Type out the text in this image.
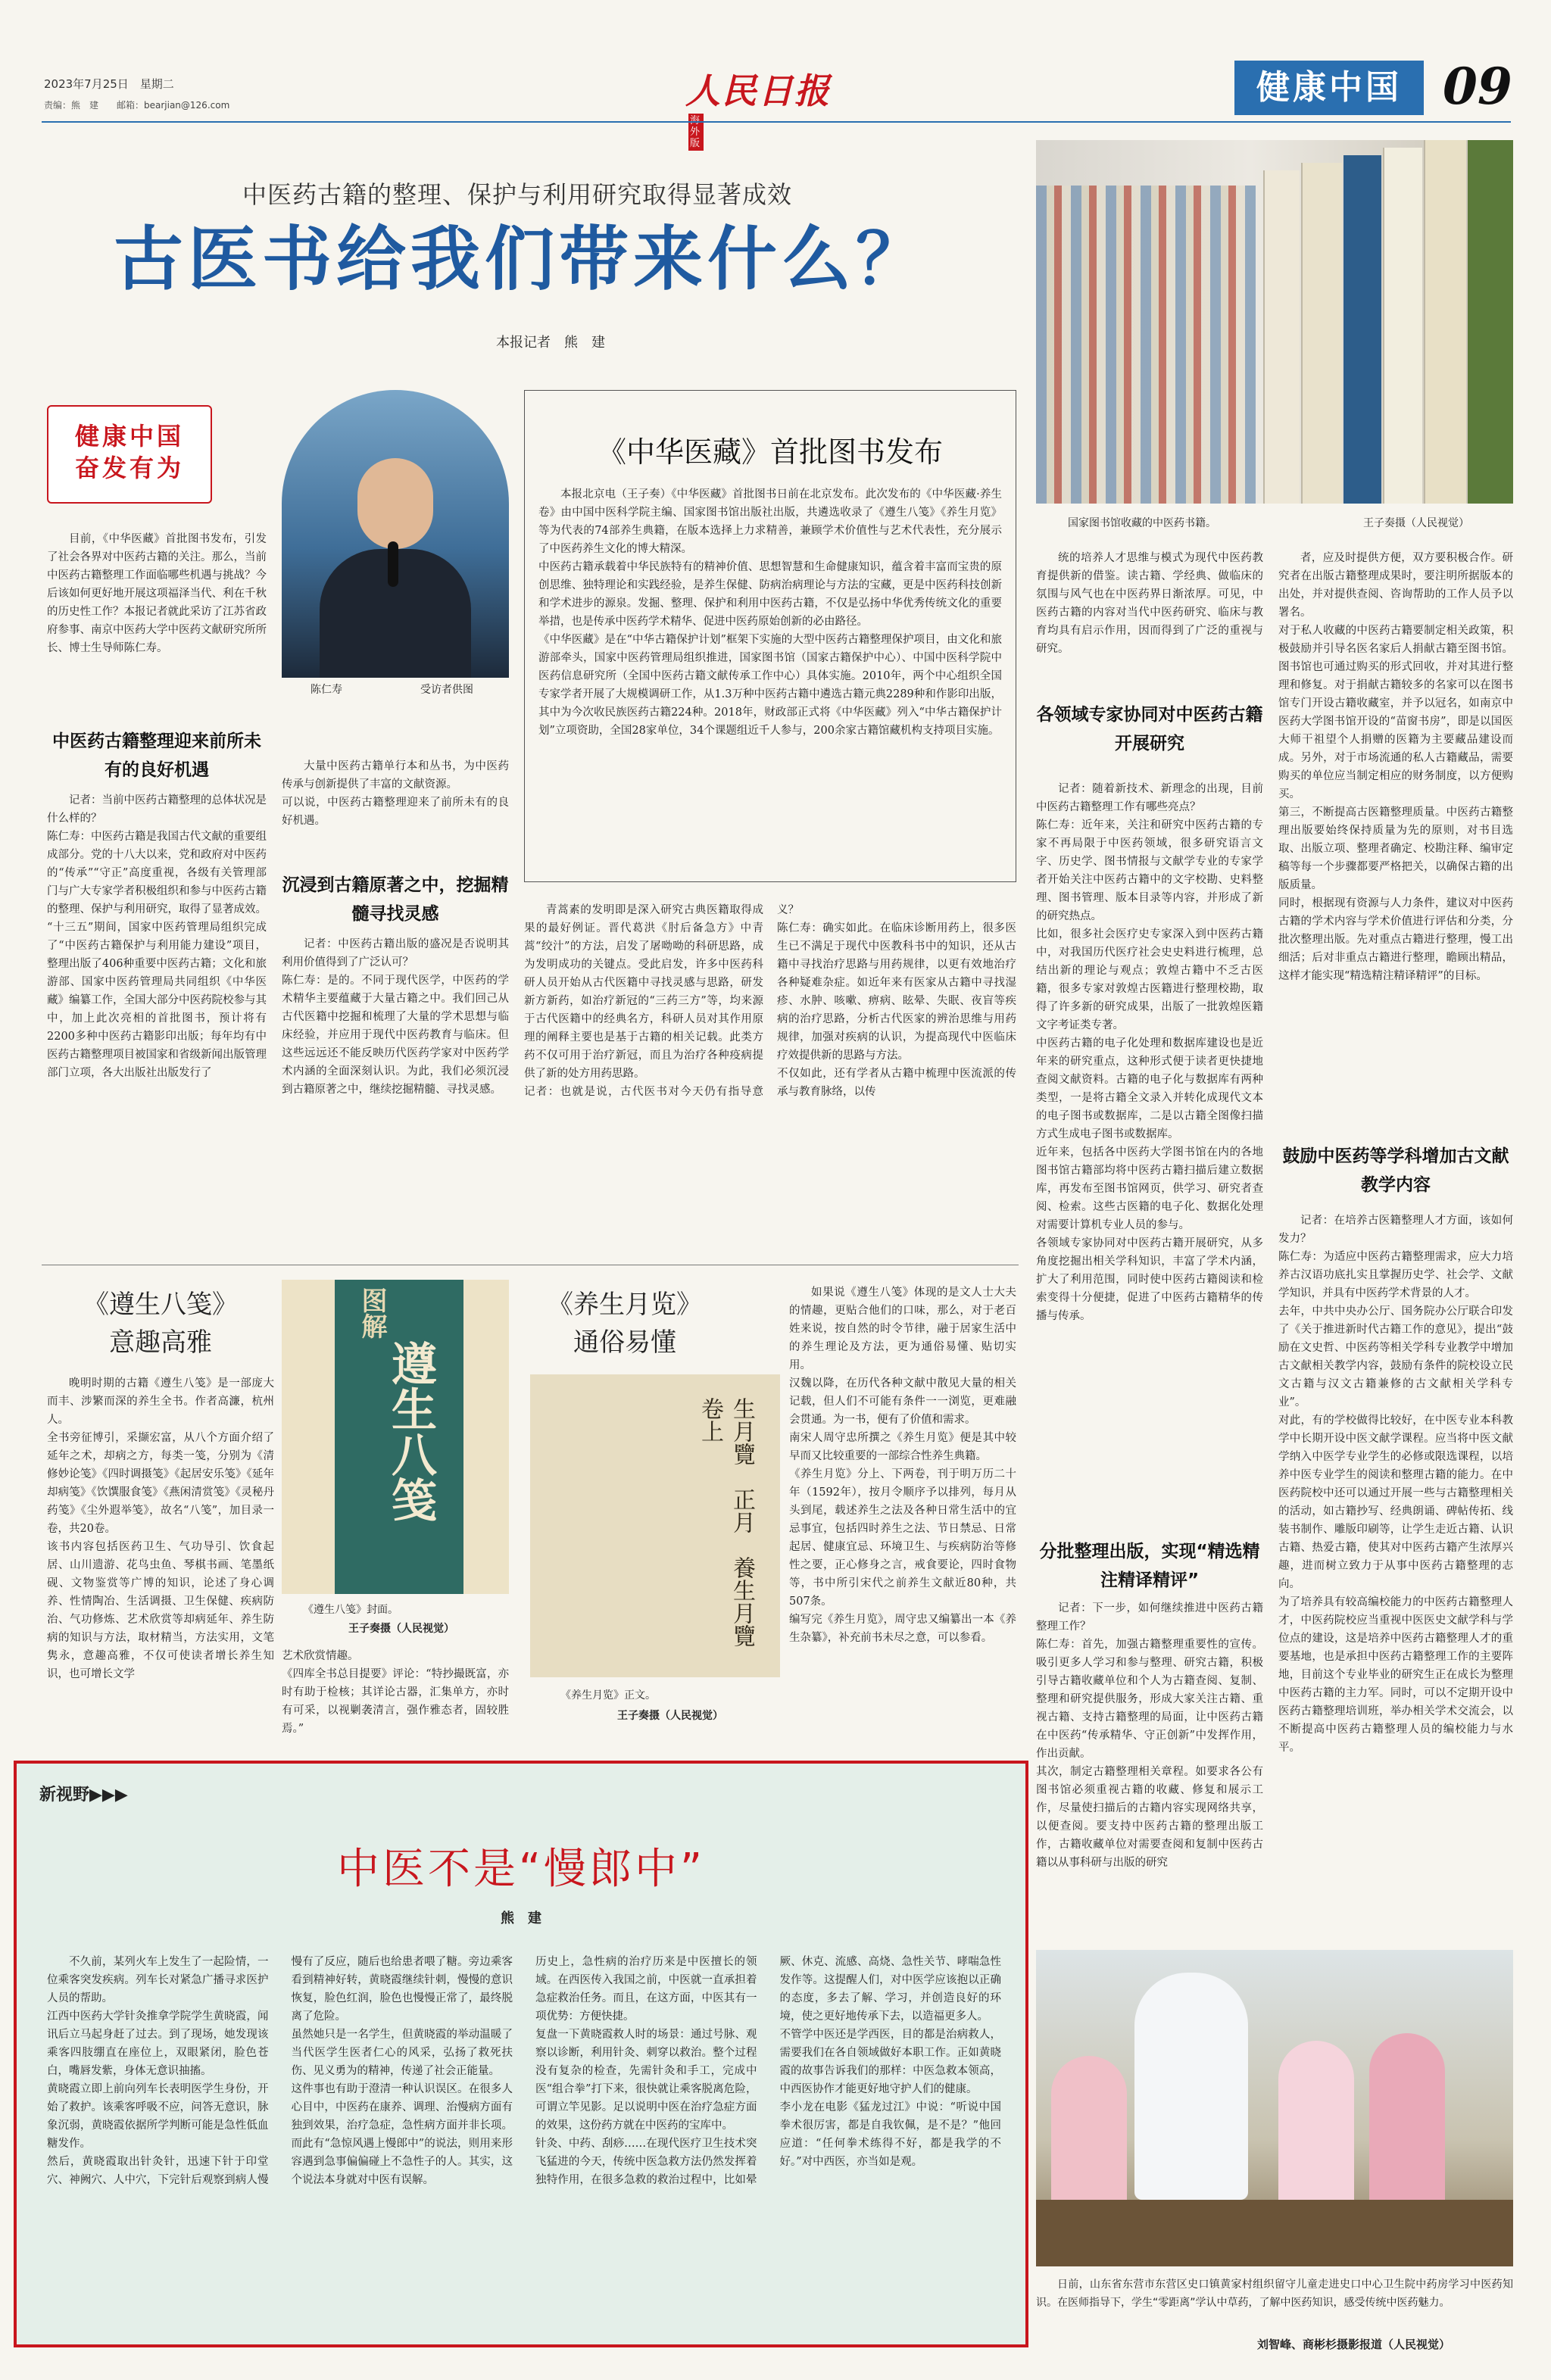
2023年7月25日　星期二
责编：熊　建　　邮箱：bearjian@126.com	人民日报 外版
健康中国 09
中医药古籍的整理、保护与利用研究取得显著成效
古医书给我们带来什么？
本报记者　熊　建
健康中国
奋发有为
目前，《中华医藏》首批图书发布，引发了社会各界对中医药古籍的关注。那么，当前中医药古籍整理工作面临哪些机遇与挑战？今后该如何更好地开展这项福泽当代、利在千秋的历史性工作？本报记者就此采访了江苏省政府参事、南京中医药大学中医药文献研究所所长、博士生导师陈仁寿。
陈仁寿	受访者供图
中医药古籍整理迎来前所未有的良好机遇
记者：当前中医药古籍整理的总体状况是什么样的？
陈仁寿：中医药古籍是我国古代文献的重要组成部分。党的十八大以来，党和政府对中医药的“传承”“守正”高度重视，各级有关管理部门与广大专家学者积极组织和参与中医药古籍的整理、保护与利用研究，取得了显著成效。
“十三五”期间，国家中医药管理局组织完成了“中医药古籍保护与利用能力建设”项目，整理出版了406种重要中医药古籍；文化和旅游部、国家中医药管理局共同组织《中华医藏》编纂工作，全国大部分中医药院校参与其中，加上此次亮相的首批图书，预计将有2200多种中医药古籍影印出版；每年均有中医药古籍整理项目被国家和省级新闻出版管理部门立项，各大出版社出版发行了
大量中医药古籍单行本和丛书，为中医药传承与创新提供了丰富的文献资源。
可以说，中医药古籍整理迎来了前所未有的良好机遇。
沉浸到古籍原著之中，挖掘精髓寻找灵感
记者：中医药古籍出版的盛况是否说明其利用价值得到了广泛认可？
陈仁寿：是的。不同于现代医学，中医药的学术精华主要蕴藏于大量古籍之中。我们回己从古代医籍中挖掘和梳理了大量的学术思想与临床经验，并应用于现代中医药教育与临床。但这些远远还不能反映历代医药学家对中医药学术内涵的全面深刻认识。为此，我们必须沉浸到古籍原著之中，继续挖掘精髓、寻找灵感。
《中华医藏》首批图书发布
本报北京电（王子奏）《中华医藏》首批图书日前在北京发布。此次发布的《中华医藏·养生卷》由中国中医科学院主编、国家图书馆出版社出版，共遴选收录了《遵生八笺》《养生月览》等为代表的74部养生典籍，在版本选择上力求精善，兼顾学术价值性与艺术代表性，充分展示了中医药养生文化的博大精深。
中医药古籍承载着中华民族特有的精神价值、思想智慧和生命健康知识，蕴含着丰富而宝贵的原创思维、独特理论和实践经验，是养生保健、防病治病理论与方法的宝藏，更是中医药科技创新和学术进步的源泉。发掘、整理、保护和利用中医药古籍，不仅是弘扬中华优秀传统文化的重要举措，也是传承中医药学术精华、促进中医药原始创新的必由路径。
《中华医藏》是在“中华古籍保护计划”框架下实施的大型中医药古籍整理保护项目，由文化和旅游部牵头，国家中医药管理局组织推进，国家图书馆（国家古籍保护中心）、中国中医科学院中医药信息研究所（全国中医药古籍文献传承工作中心）具体实施。2010年，两个中心组织全国专家学者开展了大规模调研工作，从1.3万种中医药古籍中遴选古籍元典2289种和作影印出版，其中为今次收民族医药古籍224种。2018年，财政部正式将《中华医藏》列入“中华古籍保护计划”立项资助，全国28家单位，34个课题组近千人参与，200余家古籍馆藏机构支持项目实施。
青蒿素的发明即是深入研究古典医籍取得成果的最好例证。晋代葛洪《肘后备急方》中青蒿“绞汁”的方法，启发了屠呦呦的科研思路，成为发明成功的关键点。受此启发，许多中医药科研人员开始从古代医籍中寻找灵感与思路，研发新方新药，如治疗新冠的“三药三方”等，均来源于古代医籍中的经典名方，科研人员对其作用原理的阐释主要也是基于古籍的相关记载。此类方药不仅可用于治疗新冠，而且为治疗各种疫病提供了新的处方用药思路。
记者：也就是说，古代医书对今天仍有指导意义？
陈仁寿：确实如此。在临床诊断用药上，很多医生已不满足于现代中医教科书中的知识，还从古籍中寻找治疗思路与用药规律，以更有效地治疗各种疑难杂症。如近年来有医家从古籍中寻找湿疹、水肿、咳嗽、痹病、眩晕、失眠、夜盲等疾病的治疗思路，分析古代医家的辨治思维与用药规律，加强对疾病的认识，为提高现代中医临床疗效提供新的思路与方法。
不仅如此，还有学者从古籍中梳理中医流派的传承与教育脉络，以传
国家图书馆收藏的中医药书籍。	王子奏摄（人民视觉）
统的培养人才思维与模式为现代中医药教育提供新的借鉴。读古籍、学经典、做临床的氛围与风气也在中医药界日渐浓厚。可见，中医药古籍的内容对当代中医药研究、临床与教育均具有启示作用，因而得到了广泛的重视与研究。
各领域专家协同对中医药古籍开展研究
记者：随着新技术、新理念的出现，目前中医药古籍整理工作有哪些亮点？
陈仁寿：近年来，关注和研究中医药古籍的专家不再局限于中医药领域，很多研究语言文字、历史学、图书情报与文献学专业的专家学者开始关注中医药古籍中的文字校勘、史料整理、图书管理、版本目录等内容，并形成了新的研究热点。
比如，很多社会医疗史专家深入到中医药古籍中，对我国历代医疗社会史史料进行梳理，总结出新的理论与观点；敦煌古籍中不乏古医籍，很多专家对敦煌古医籍进行整理校勘，取得了许多新的研究成果，出版了一批敦煌医籍文字考证类专著。
中医药古籍的电子化处理和数据库建设也是近年来的研究重点，这种形式便于读者更快捷地查阅文献资料。古籍的电子化与数据库有两种类型，一是将古籍全文录入并转化成现代文本的电子图书或数据库，二是以古籍全图像扫描方式生成电子图书或数据库。
近年来，包括各中医药大学图书馆在内的各地图书馆古籍部均将中医药古籍扫描后建立数据库，再发布至图书馆网页，供学习、研究者查阅、检索。这些古医籍的电子化、数据化处理对需要计算机专业人员的参与。
各领域专家协同对中医药古籍开展研究，从多角度挖掘出相关学科知识，丰富了学术内涵，扩大了利用范围，同时使中医药古籍阅读和检索变得十分便捷，促进了中医药古籍精华的传播与传承。
分批整理出版，实现“精选精注精译精评”
记者：下一步，如何继续推进中医药古籍整理工作？
陈仁寿：首先，加强古籍整理重要性的宣传。吸引更多人学习和参与整理、研究古籍，积极引导古籍收藏单位和个人为古籍查阅、复制、整理和研究提供服务，形成大家关注古籍、重视古籍、支持古籍整理的局面，让中医药古籍在中医药“传承精华、守正创新”中发挥作用，作出贡献。
其次，制定古籍整理相关章程。如要求各公有图书馆必须重视古籍的收藏、修复和展示工作，尽量使扫描后的古籍内容实现网络共享，以便查阅。要支持中医药古籍的整理出版工作，古籍收藏单位对需要查阅和复制中医药古籍以从事科研与出版的研究
者，应及时提供方便，双方要积极合作。研究者在出版古籍整理成果时，要注明所据版本的出处，并对提供查阅、咨询帮助的工作人员予以署名。
对于私人收藏的中医药古籍要制定相关政策，积极鼓励并引导名医名家后人捐献古籍至图书馆。图书馆也可通过购买的形式回收，并对其进行整理和修复。对于捐献古籍较多的名家可以在图书馆专门开设古籍收藏室，并予以冠名，如南京中医药大学图书馆开设的“苗窗书房”，即是以国医大师干祖望个人捐赠的医籍为主要藏品建设而成。另外，对于市场流通的私人古籍藏品，需要购买的单位应当制定相应的财务制度，以方便购买。
第三，不断提高古医籍整理质量。中医药古籍整理出版要始终保持质量为先的原则，对书目选取、出版立项、整理者确定、校勘注释、编审定稿等每一个步骤都要严格把关，以确保古籍的出版质量。
同时，根据现有资源与人力条件，建议对中医药古籍的学术内容与学术价值进行评估和分类，分批次整理出版。先对重点古籍进行整理，慢工出细活；后对非重点古籍进行整理，瞻顾出精品，这样才能实现“精选精注精译精评”的目标。
鼓励中医药等学科增加古文献教学内容
记者：在培养古医籍整理人才方面，该如何发力？
陈仁寿：为适应中医药古籍整理需求，应大力培养古汉语功底扎实且掌握历史学、社会学、文献学知识，并具有中医药学术背景的人才。
去年，中共中央办公厅、国务院办公厅联合印发了《关于推进新时代古籍工作的意见》，提出“鼓励在文史哲、中医药等相关学科专业教学中增加古文献相关教学内容，鼓励有条件的院校设立民文古籍与汉文古籍兼修的古文献相关学科专业”。
对此，有的学校做得比较好，在中医专业本科教学中长期开设中医文献学课程。应当将中医文献学纳入中医学专业学生的必修或限选课程，以培养中医专业学生的阅读和整理古籍的能力。在中医药院校中还可以通过开展一些与古籍整理相关的活动，如古籍抄写、经典朗诵、碑帖传拓、线装书制作、雕版印刷等，让学生走近古籍、认识古籍、热爱古籍，使其对中医药古籍产生浓厚兴趣，进而树立致力于从事中医药古籍整理的志向。
为了培养具有较高编校能力的中医药古籍整理人才，中医药院校应当重视中医医史文献学科与学位点的建设，这是培养中医药古籍整理人才的重要基地，也是承担中医药古籍整理工作的主要阵地，目前这个专业毕业的研究生正在成长为整理中医药古籍的主力军。同时，可以不定期开设中医药古籍整理培训班，举办相关学术交流会，以不断提高中医药古籍整理人员的编校能力与水平。
《遵生八笺》
意趣高雅
晚明时期的古籍《遵生八笺》是一部庞大而丰、涉繁而深的养生全书。作者高濂，杭州人。
全书旁征博引，采撷宏富，从八个方面介绍了延年之术，却病之方，每类一笺，分别为《清修妙论笺》《四时调摄笺》《起居安乐笺》《延年却病笺》《饮馔服食笺》《燕闲清赏笺》《灵秘丹药笺》《尘外遐举笺》，故名“八笺”，加目录一卷，共20卷。
该书内容包括医药卫生、气功导引、饮食起居、山川遗游、花鸟虫鱼、琴棋书画、笔墨纸砚、文物鉴赏等广博的知识，论述了身心调养、性情陶冶、生活调摄、卫生保健、疾病防治、气功修炼、艺术欣赏等却病延年、养生防病的知识与方法，取材精当，方法实用，文笔隽永，意趣高雅，不仅可使读者增长养生知识，也可增长文学
图解
遵生八笺
《遵生八笺》封面。
王子奏摄（人民视觉）
艺术欣赏情趣。
《四库全书总目提要》评论：“特抄撮既富，亦时有助于检核；其详论古器，汇集单方，亦时有可采，以视剿袭清言，强作雅态者，固较胜焉。”
《养生月览》
通俗易懂
生月覽　正月　養生月覽卷上
《养生月览》正文。
王子奏摄（人民视觉）
如果说《遵生八笺》体现的是文人士大夫的情趣，更贴合他们的口味，那么，对于老百姓来说，按自然的时令节律，融于居家生活中的养生理论及方法，更为通俗易懂、贴切实用。
汉魏以降，在历代各种文献中散见大量的相关记载，但人们不可能有条件一一浏览，更难融会贯通。为一书，便有了价值和需求。
南宋人周守忠所撰之《养生月览》便是其中较早而又比较重要的一部综合性养生典籍。
《养生月览》分上、下两卷，刊于明万历二十年（1592年），按月令顺序予以排列，每月从头到尾，载述养生之法及各种日常生活中的宜忌事宜，包括四时养生之法、节日禁忌、日常起居、健康宜忌、环境卫生、与疾病防治等修性之要，正心修身之言，戒食要论，四时食物等，书中所引宋代之前养生文献近80种，共507条。
编写完《养生月览》，周守忠又编纂出一本《养生杂纂》，补充前书未尽之意，可以参看。
新视野▶▶▶
中医不是“慢郎中”
熊　建
不久前，某列火车上发生了一起险情，一位乘客突发疾病。列车长对紧急广播寻求医护人员的帮助。
江西中医药大学针灸推拿学院学生黄晓霞，闻讯后立马起身赶了过去。到了现场，她发现该乘客四肢绷直在座位上，双眼紧闭，脸色苍白，嘴唇发紫，身体无意识抽搐。
黄晓霞立即上前向列车长表明医学生身份，开始了救护。该乘客呼吸不应，问答无意识，脉象沉弱，黄晓霞依据所学判断可能是急性低血糖发作。
然后，黄晓霞取出针灸针，迅速下针于印堂穴、神阙穴、人中穴，下完针后观察到病人慢慢有了反应，随后也给患者喂了糖。旁边乘客看到精神好转，黄晓霞继续针刺，慢慢的意识恢复，脸色红润，脸色也慢慢正常了，最终脱离了危险。
虽然她只是一名学生，但黄晓霞的举动温暖了当代医学生医者仁心的风采，弘扬了救死扶伤、见义勇为的精神，传递了社会正能量。
这件事也有助于澄清一种认识误区。在很多人心目中，中医药在康养、调理、治慢病方面有独到效果，治疗急症，急性病方面并非长项。而此有“急惊风遇上慢郎中”的说法，则用来形容遇到急事偏偏碰上不急性子的人。其实，这个说法本身就对中医有误解。
历史上，急性病的治疗历来是中医擅长的领域。在西医传入我国之前，中医就一直承担着急症救治任务。而且，在这方面，中医其有一项优势：方便快捷。
复盘一下黄晓霞救人时的场景：通过号脉、观察以诊断，利用针灸、刺穿以救治。整个过程没有复杂的检查，先需针灸和手工，完成中医“组合拳”打下来，很快就让乘客脱离危险，可谓立竿见影。足以说明中医在治疗急症方面的效果，这份药方就在中医药的宝库中。
针灸、中药、刮痧……在现代医疗卫生技术突飞猛进的今天，传统中医急救方法仍然发挥着独特作用，在很多急救的救治过程中，比如晕厥、休克、流感、高烧、急性关节、哮喘急性发作等。这提醒人们，对中医学应该抱以正确的态度，多去了解、学习，并创造良好的环境，使之更好地传承下去，以造福更多人。
不管学中医还是学西医，目的都是治病救人，需要我们在各自领域做好本职工作。正如黄晓霞的故事告诉我们的那样：中医急救本领高，中西医协作才能更好地守护人们的健康。
李小龙在电影《猛龙过江》中说：“听说中国拳术很厉害，都是自我钦佩，是不是？”他回应道：“任何拳术练得不好，都是我学的不好。”对中西医，亦当如是观。
日前，山东省东营市东营区史口镇黄家村组织留守儿童走进史口中心卫生院中药房学习中医药知识。在医师指导下，学生“零距离”学认中草药，了解中医药知识，感受传统中医药魅力。
刘智峰、商彬杉摄影报道（人民视觉）
